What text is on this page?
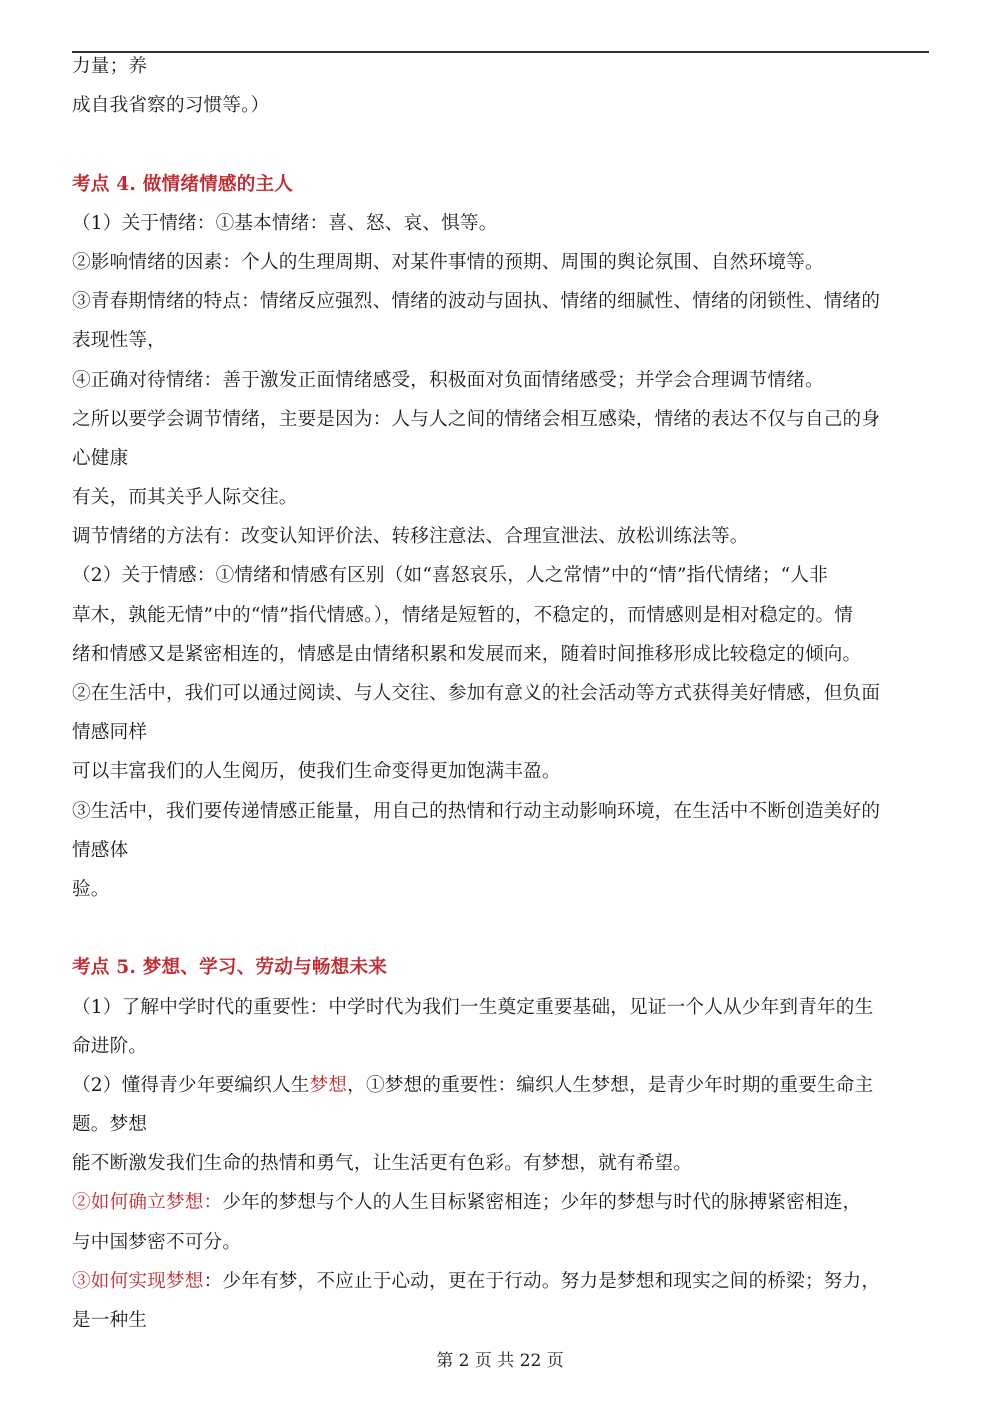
力量；养
成自我省察的习惯等。）
考点 4. 做情绪情感的主人
（1）关于情绪：①基本情绪：喜、怒、哀、惧等。
②影响情绪的因素：个人的生理周期、对某件事情的预期、周围的舆论氛围、自然环境等。
③青春期情绪的特点：情绪反应强烈、情绪的波动与固执、情绪的细腻性、情绪的闭锁性、情绪的
表现性等，
④正确对待情绪：善于激发正面情绪感受，积极面对负面情绪感受；并学会合理调节情绪。
之所以要学会调节情绪，主要是因为：人与人之间的情绪会相互感染，情绪的表达不仅与自己的身
心健康
有关，而其关乎人际交往。
调节情绪的方法有：改变认知评价法、转移注意法、合理宣泄法、放松训练法等。
（2）关于情感：①情绪和情感有区别（如“喜怒哀乐，人之常情”中的“情”指代情绪；“人非
草木，孰能无情”中的“情”指代情感。），情绪是短暂的，不稳定的，而情感则是相对稳定的。情
绪和情感又是紧密相连的，情感是由情绪积累和发展而来，随着时间推移形成比较稳定的倾向。
②在生活中，我们可以通过阅读、与人交往、参加有意义的社会活动等方式获得美好情感，但负面
情感同样
可以丰富我们的人生阅历，使我们生命变得更加饱满丰盈。
③生活中，我们要传递情感正能量，用自己的热情和行动主动影响环境，在生活中不断创造美好的
情感体
验。
考点 5. 梦想、学习、劳动与畅想未来
（1）了解中学时代的重要性：中学时代为我们一生奠定重要基础，见证一个人从少年到青年的生
命进阶。
（2）懂得青少年要编织人生梦想，①梦想的重要性：编织人生梦想，是青少年时期的重要生命主
题。梦想
能不断激发我们生命的热情和勇气，让生活更有色彩。有梦想，就有希望。
②如何确立梦想：少年的梦想与个人的人生目标紧密相连；少年的梦想与时代的脉搏紧密相连，
与中国梦密不可分。
③如何实现梦想：少年有梦，不应止于心动，更在于行动。努力是梦想和现实之间的桥梁；努力，
是一种生
第 2 页 共 22 页
